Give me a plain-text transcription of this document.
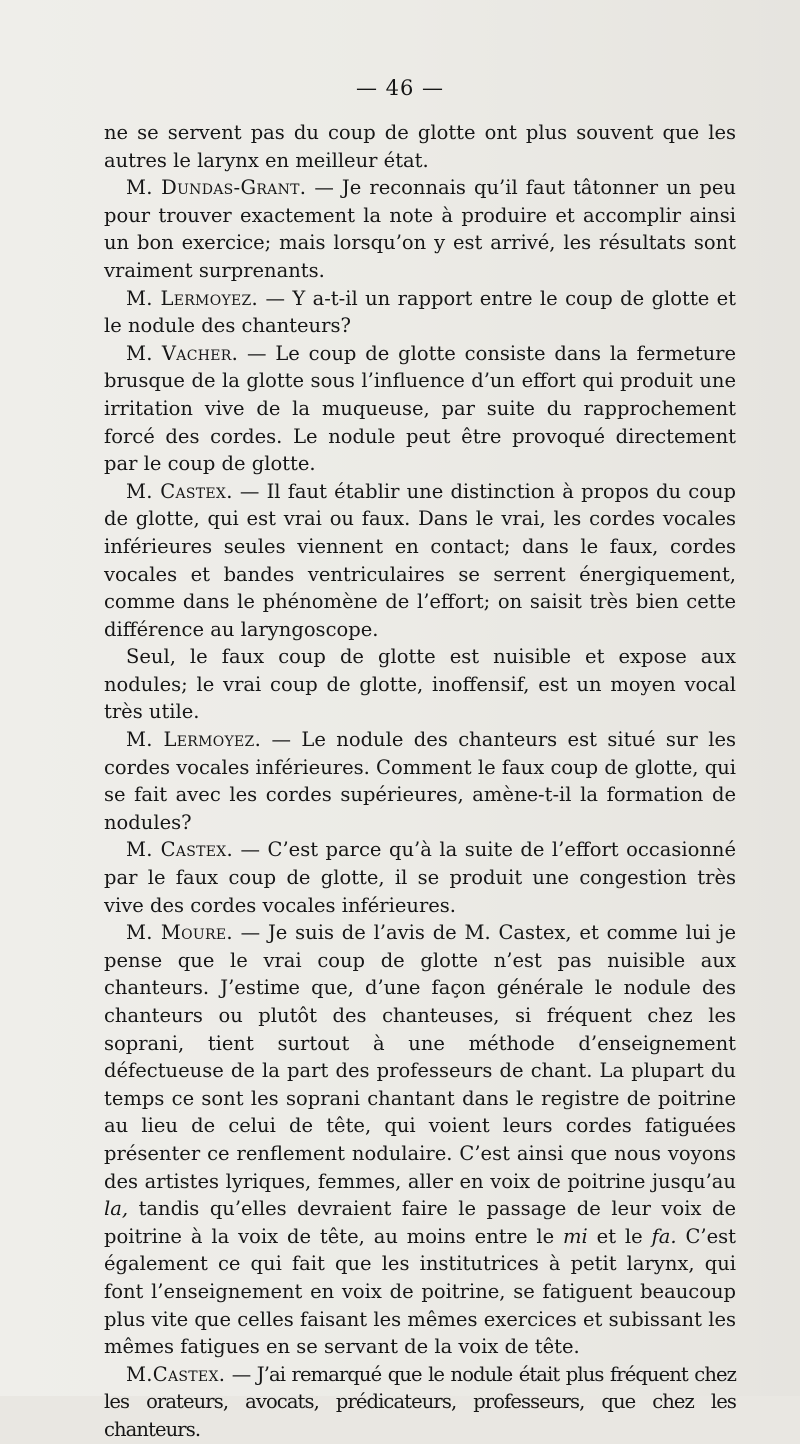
— 46 —

ne se servent pas du coup de glotte ont plus souvent que les autres le larynx en meilleur état.

M. Dundas-Grant. — Je reconnais qu’il faut tâtonner un peu pour trouver exactement la note à produire et accomplir ainsi un bon exercice; mais lorsqu’on y est arrivé, les résultats sont vraiment surprenants.

M. Lermoyez. — Y a-t-il un rapport entre le coup de glotte et le nodule des chanteurs?

M. Vacher. — Le coup de glotte consiste dans la fermeture brusque de la glotte sous l’influence d’un effort qui produit une irritation vive de la muqueuse, par suite du rapprochement forcé des cordes. Le nodule peut être provoqué directement par le coup de glotte.

M. Castex. — Il faut établir une distinction à propos du coup de glotte, qui est vrai ou faux. Dans le vrai, les cordes vocales inférieures seules viennent en contact; dans le faux, cordes vocales et bandes ventriculaires se serrent énergiquement, comme dans le phénomène de l’effort; on saisit très bien cette différence au laryngoscope.

Seul, le faux coup de glotte est nuisible et expose aux nodules; le vrai coup de glotte, inoffensif, est un moyen vocal très utile.

M. Lermoyez. — Le nodule des chanteurs est situé sur les cordes vocales inférieures. Comment le faux coup de glotte, qui se fait avec les cordes supérieures, amène-t-il la formation de nodules?

M. Castex. — C’est parce qu’à la suite de l’effort occasionné par le faux coup de glotte, il se produit une congestion très vive des cordes vocales inférieures.

M. Moure. — Je suis de l’avis de M. Castex, et comme lui je pense que le vrai coup de glotte n’est pas nuisible aux chanteurs. J’estime que, d’une façon générale le nodule des chanteurs ou plutôt des chanteuses, si fréquent chez les soprani, tient surtout à une méthode d’enseignement défectueuse de la part des professeurs de chant. La plupart du temps ce sont les soprani chantant dans le registre de poitrine au lieu de celui de tête, qui voient leurs cordes fatiguées présenter ce renflement nodulaire. C’est ainsi que nous voyons des artistes lyriques, femmes, aller en voix de poitrine jusqu’au la, tandis qu’elles devraient faire le passage de leur voix de poitrine à la voix de tête, au moins entre le mi et le fa. C’est également ce qui fait que les institutrices à petit larynx, qui font l’enseignement en voix de poitrine, se fatiguent beaucoup plus vite que celles faisant les mêmes exercices et subissant les mêmes fatigues en se servant de la voix de tête.

M.Castex. — J’ai remarqué que le nodule était plus fréquent chez les orateurs, avocats, prédicateurs, professeurs, que chez les chanteurs.
